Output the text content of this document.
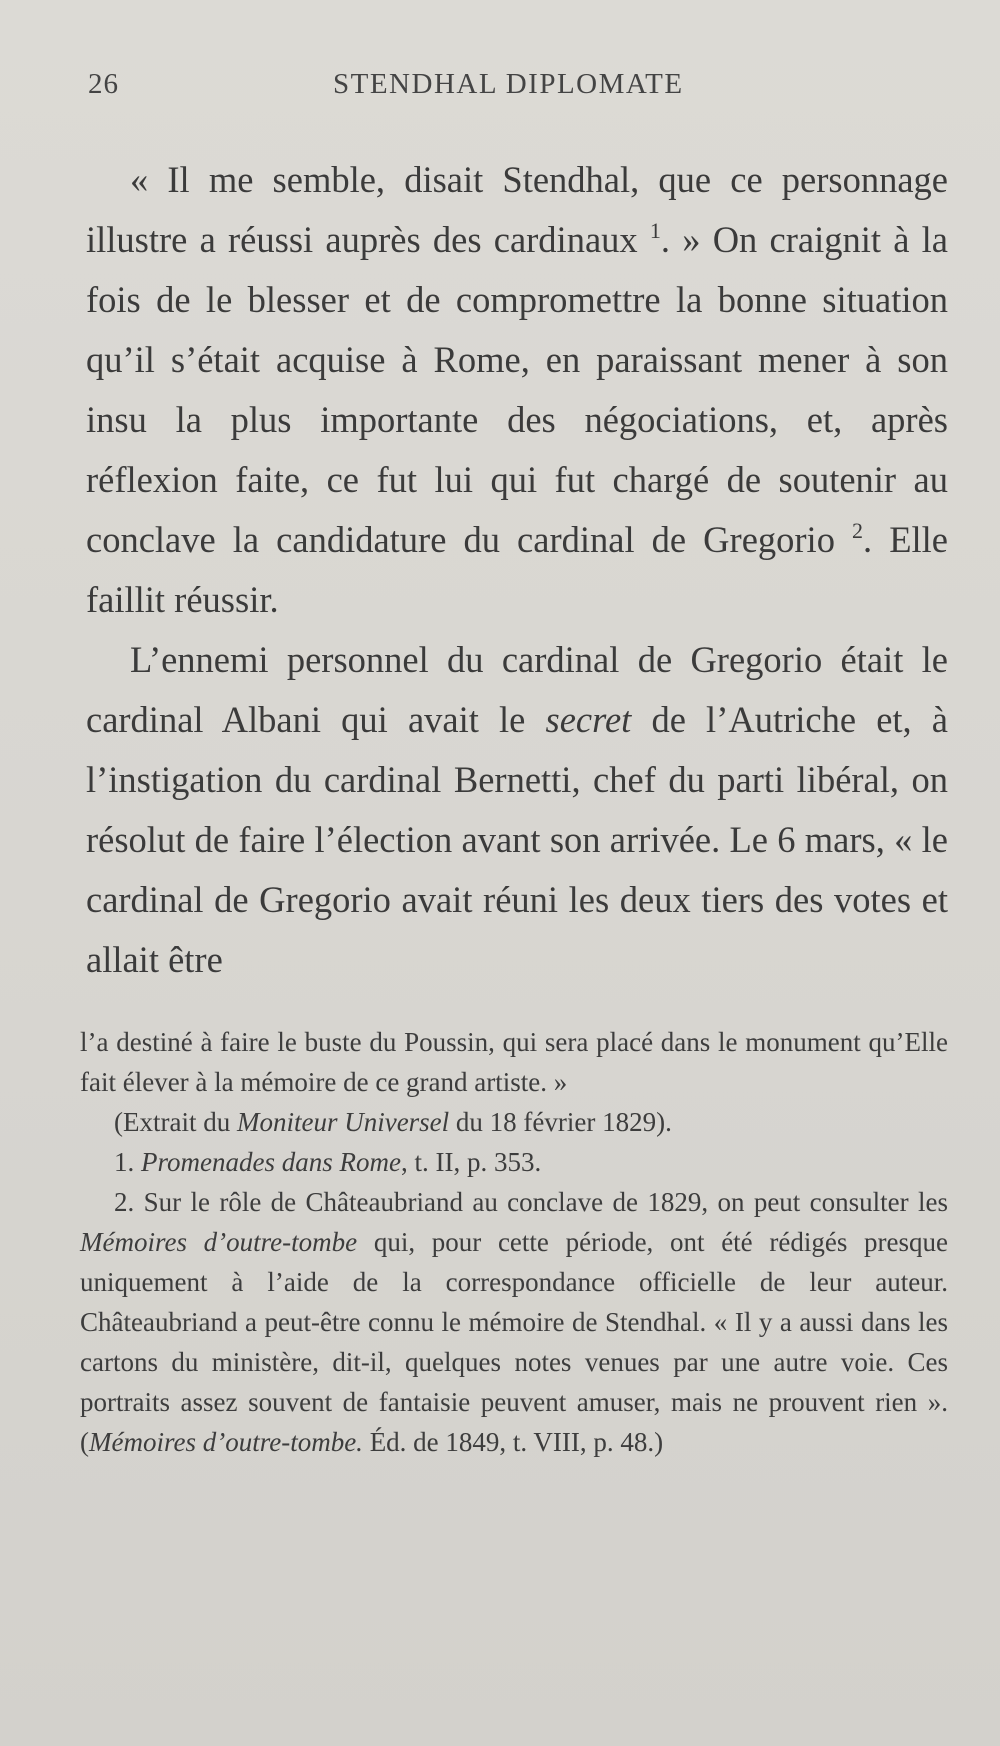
26	STENDHAL DIPLOMATE

« Il me semble, disait Stendhal, que ce personnage illustre a réussi auprès des cardinaux $^1$. » On craignit à la fois de le blesser et de compromettre la bonne situation qu’il s’était acquise à Rome, en paraissant mener à son insu la plus importante des négociations, et, après réflexion faite, ce fut lui qui fut chargé de soutenir au conclave la candidature du cardinal de Gregorio $^2$. Elle faillit réussir.

L’ennemi personnel du cardinal de Gregorio était le cardinal Albani qui avait le secret de l’Autriche et, à l’instigation du cardinal Bernetti, chef du parti libéral, on résolut de faire l’élection avant son arrivée. Le 6 mars, « le cardinal de Gregorio avait réuni les deux tiers des votes et allait être

l’a destiné à faire le buste du Poussin, qui sera placé dans le monument qu’Elle fait élever à la mémoire de ce grand artiste. »

(Extrait du Moniteur Universel du 18 février 1829).

1. Promenades dans Rome, t. II, p. 353.

2. Sur le rôle de Châteaubriand au conclave de 1829, on peut consulter les Mémoires d’outre-tombe qui, pour cette période, ont été rédigés presque uniquement à l’aide de la correspondance officielle de leur auteur. Châteaubriand a peut-être connu le mémoire de Stendhal. « Il y a aussi dans les cartons du ministère, dit-il, quelques notes venues par une autre voie. Ces portraits assez souvent de fantaisie peuvent amuser, mais ne prouvent rien ». (Mémoires d’outre-tombe. Éd. de 1849, t. VIII, p. 48.)
